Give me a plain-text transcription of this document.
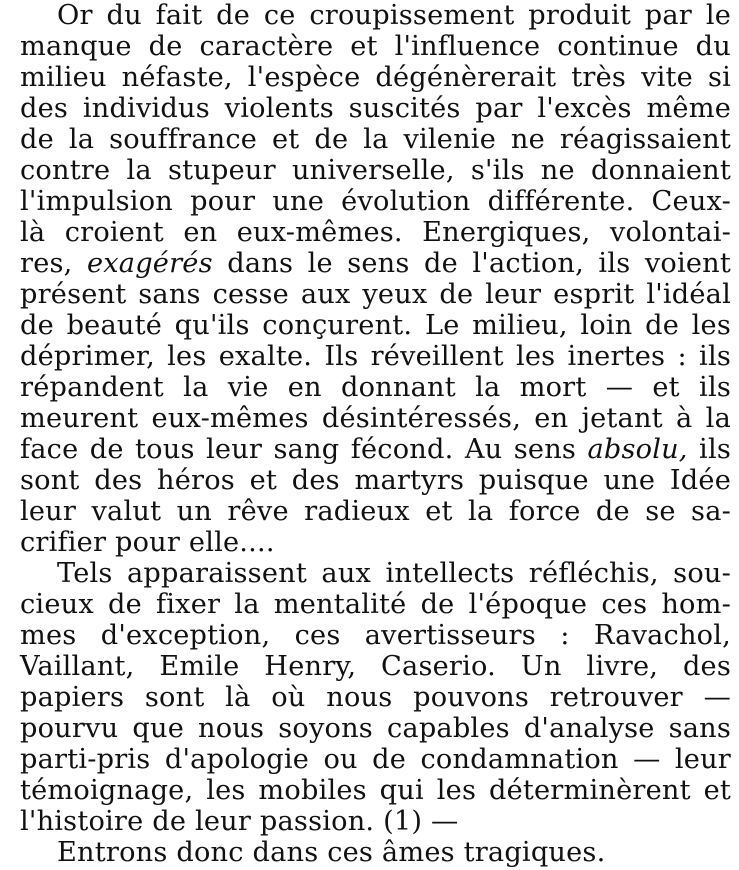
Or du fait de ce croupissement produit par le
manque de caractère et l'influence continue du
milieu néfaste, l'espèce dégénèrerait très vite si
des individus violents suscités par l'excès même
de la souffrance et de la vilenie ne réagissaient
contre la stupeur universelle, s'ils ne donnaient
l'impulsion pour une évolution différente. Ceux-
là croient en eux-mêmes. Energiques, volontai-
res, exagérés dans le sens de l'action, ils voient
présent sans cesse aux yeux de leur esprit l'idéal
de beauté qu'ils conçurent. Le milieu, loin de les
déprimer, les exalte. Ils réveillent les inertes : ils
répandent la vie en donnant la mort — et ils
meurent eux-mêmes désintéressés, en jetant à la
face de tous leur sang fécond. Au sens absolu, ils
sont des héros et des martyrs puisque une Idée
leur valut un rêve radieux et la force de se sa-
crifier pour elle....
Tels apparaissent aux intellects réfléchis, sou-
cieux de fixer la mentalité de l'époque ces hom-
mes d'exception, ces avertisseurs : Ravachol,
Vaillant, Emile Henry, Caserio. Un livre, des
papiers sont là où nous pouvons retrouver —
pourvu que nous soyons capables d'analyse sans
parti-pris d'apologie ou de condamnation — leur
témoignage, les mobiles qui les déterminèrent et
l'histoire de leur passion. (1) —
Entrons donc dans ces âmes tragiques.
